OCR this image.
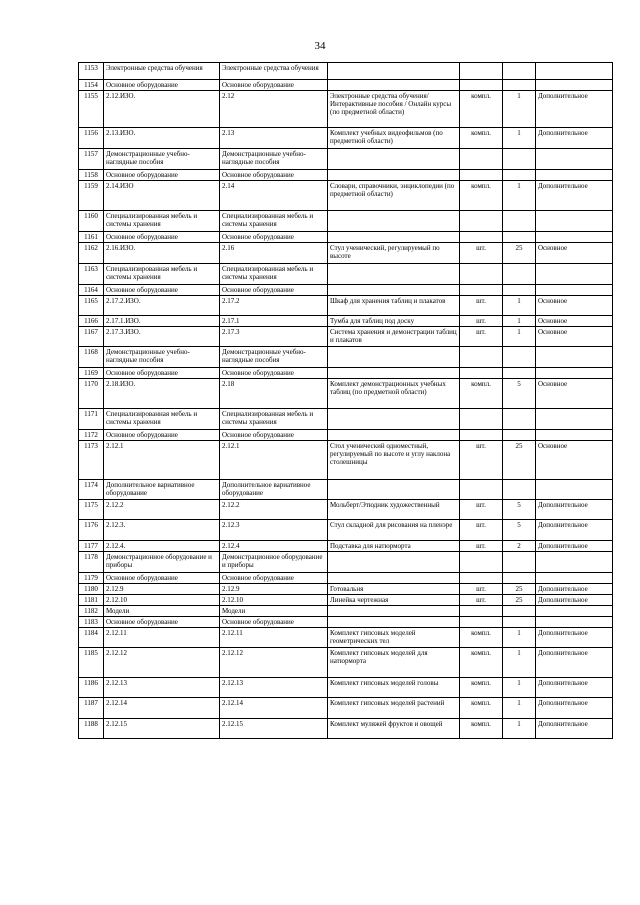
34
1153	Электронные средства обучения	Электронные средства обучения				
1154	Основное оборудование	Основное оборудование				
1155	2.12.ИЗО.	2.12	Электронные средства обучения/Интерактивные пособия / Онлайн курсы (по предметной области)	компл.	1	Дополнительное
1156	2.13.ИЗО.	2.13	Комплект учебных видеофильмов (по предметной области)	компл.	1	Дополнительное
1157	Демонстрационные учебно-наглядные пособия	Демонстрационные учебно-наглядные пособия				
1158	Основное оборудование	Основное оборудование				
1159	2.14.ИЗО	2.14	Словари, справочники, энциклопедии (по предметной области)	компл.	1	Дополнительное
1160	Специализированная мебель и системы хранения	Специализированная мебель и системы хранения				
1161	Основное оборудование	Основное оборудование				
1162	2.16.ИЗО.	2.16	Стул ученический, регулируемый по высоте	шт.	25	Основное
1163	Специализированная мебель и системы хранения	Специализированная мебель и системы хранения				
1164	Основное оборудование	Основное оборудование				
1165	2.17.2.ИЗО.	2.17.2	Шкаф для хранения таблиц и плакатов	шт.	1	Основное
1166	2.17.1.ИЗО.	2.17.1	Тумба для таблиц под доску	шт.	1	Основное
1167	2.17.3.ИЗО.	2.17.3	Система хранения и демонстрации таблиц и плакатов	шт.	1	Основное
1168	Демонстрационные учебно-наглядные пособия	Демонстрационные учебно-наглядные пособия				
1169	Основное оборудование	Основное оборудование				
1170	2.18.ИЗО.	2.18	Комплект демонстрационных учебных таблиц (по предметной области)	компл.	5	Основное
1171	Специализированная мебель и системы хранения	Специализированная мебель и системы хранения				
1172	Основное оборудование	Основное оборудование				
1173	2.12.1	2.12.1	Стол ученический одноместный, регулируемый по высоте и углу наклона столешницы	шт.	25	Основное
1174	Дополнительное вариативное оборудование	Дополнительное вариативное оборудование				
1175	2.12.2	2.12.2	Мольберт/Этюдник художественный	шт.	5	Дополнительное
1176	2.12.3.	2.12.3	Стул складной для рисования на пленэре	шт.	5	Дополнительное
1177	2.12.4.	2.12.4	Подставка для натюрморта	шт.	2	Дополнительное
1178	Демонстрационное оборудование и приборы	Демонстрационное оборудование и приборы				
1179	Основное оборудование	Основное оборудование				
1180	2.12.9	2.12.9	Готовальня	шт.	25	Дополнительное
1181	2.12.10	2.12.10	Линейка чертежная	шт.	25	Дополнительное
1182	Модели	Модели				
1183	Основное оборудование	Основное оборудование				
1184	2.12.11	2.12.11	Комплект гипсовых моделей геометрических тел	компл.	1	Дополнительное
1185	2.12.12	2.12.12	Комплект гипсовых моделей для натюрморта	компл.	1	Дополнительное
1186	2.12.13	2.12.13	Комплект гипсовых моделей головы	компл.	1	Дополнительное
1187	2.12.14	2.12.14	Комплект гипсовых моделей растений	компл.	1	Дополнительное
1188	2.12.15	2.12.15	Комплект муляжей фруктов и овощей	компл.	1	Дополнительное
